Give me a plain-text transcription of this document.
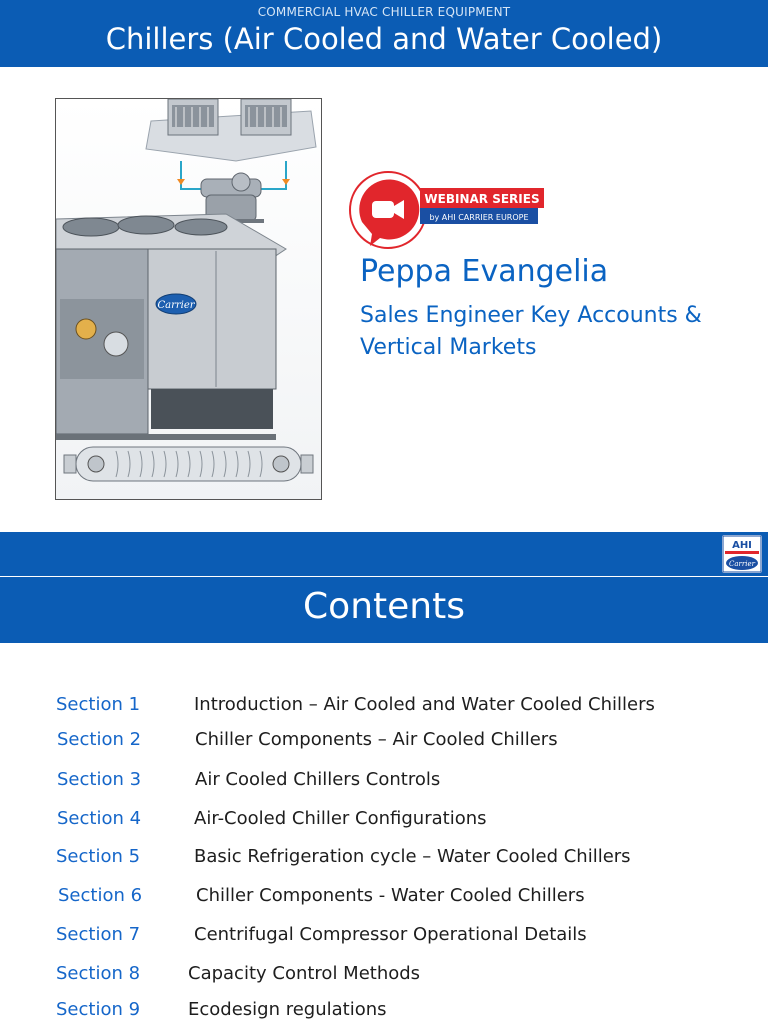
COMMERCIAL HVAC CHILLER EQUIPMENT
Chillers (Air Cooled and Water Cooled)
Carrier
WEBINAR SERIES
by AHI CARRIER EUROPE
Peppa Evangelia
Sales Engineer Key Accounts &
Vertical Markets
AHI
Carrier
Contents
Section 1	Introduction – Air Cooled and Water Cooled Chillers
Section 2	Chiller Components – Air Cooled Chillers
Section 3	Air Cooled Chillers Controls
Section 4	Air-Cooled Chiller Configurations
Section 5	Basic Refrigeration cycle – Water Cooled Chillers
Section 6	Chiller Components - Water Cooled Chillers
Section 7	Centrifugal Compressor Operational Details
Section 8	Capacity Control Methods
Section 9	Ecodesign regulations
